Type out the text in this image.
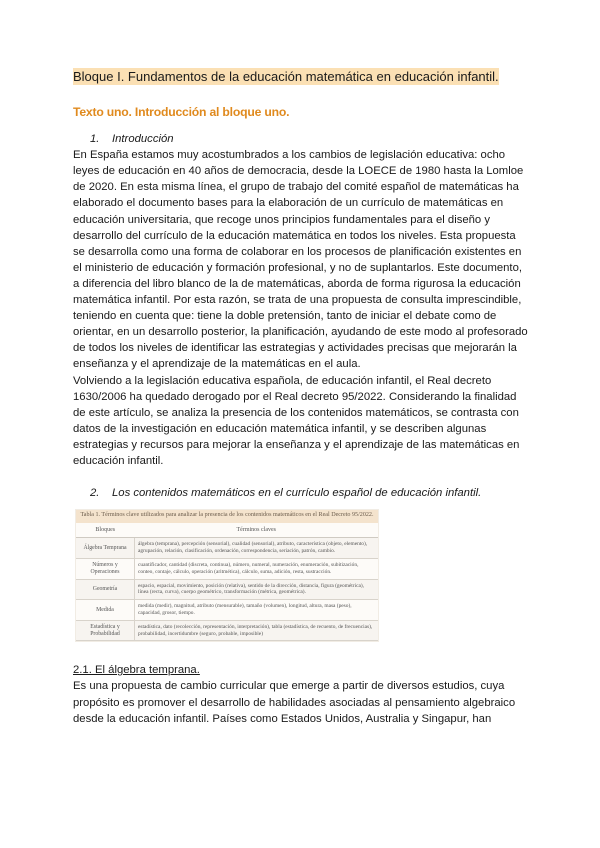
Bloque I. Fundamentos de la educación matemática en educación infantil.
Texto uno. Introducción al bloque uno.
1. Introducción

En España estamos muy acostumbrados a los cambios de legislación educativa: ocho leyes de educación en 40 años de democracia, desde la LOECE de 1980 hasta la Lomloe de 2020. En esta misma línea, el grupo de trabajo del comité español de matemáticas ha elaborado el documento bases para la elaboración de un currículo de matemáticas en educación universitaria, que recoge unos principios fundamentales para el diseño y desarrollo del currículo de la educación matemática en todos los niveles. Esta propuesta se desarrolla como una forma de colaborar en los procesos de planificación existentes en el ministerio de educación y formación profesional, y no de suplantarlos. Este documento, a diferencia del libro blanco de la de matemáticas, aborda de forma rigurosa la educación matemática infantil. Por esta razón, se trata de una propuesta de consulta imprescindible, teniendo en cuenta que: tiene la doble pretensión, tanto de iniciar el debate como de orientar, en un desarrollo posterior, la planificación, ayudando de este modo al profesorado de todos los niveles de identificar las estrategias y actividades precisas que mejorarán la enseñanza y el aprendizaje de la matemáticas en el aula.

Volviendo a la legislación educativa española, de educación infantil, el Real decreto 1630/2006 ha quedado derogado por el Real decreto 95/2022. Considerando la finalidad de este artículo, se analiza la presencia de los contenidos matemáticos, se contrasta con datos de la investigación en educación matemática infantil, y se describen algunas estrategias y recursos para mejorar la enseñanza y el aprendizaje de las matemáticas en educación infantil.

2. Los contenidos matemáticos en el currículo español de educación infantil.
Tabla 1. Términos clave utilizados para analizar la presencia de los contenidos matemáticos en el Real Decreto 95/2022.
Bloques	Términos claves
Álgebra Temprana	álgebra (temprana), percepción (sensorial), cualidad (sensorial), atributo, característica (objeto, elemento), agrupación, relación, clasificación, ordenación, correspondencia, seriación, patrón, cambio.
Números y Operaciones	cuantificador, cantidad (discreta, continua), número, numeral, numeración, enumeración, subitización, conteo, contaje, cálculo, operación (aritmética), cálculo, suma, adición, resta, sustracción.
Geometría	espacio, espacial, movimiento, posición (relativa), sentido de la dirección, distancia, figura (geométrica), línea (recta, curva), cuerpo geométrico, transformación (métrica, geométrica).
Medida	medida (medir), magnitud, atributo (mensurable), tamaño (volumen), longitud, altura, masa (peso), capacidad, grosor, tiempo.
Estadística y Probabilidad	estadística, dato (recolección, representación, interpretación), tabla (estadística, de recuento, de frecuencias), probabilidad, incertidumbre (seguro, probable, imposible)
2.1. El álgebra temprana.

Es una propuesta de cambio curricular que emerge a partir de diversos estudios, cuya propósito es promover el desarrollo de habilidades asociadas al pensamiento algebraico desde la educación infantil. Países como Estados Unidos, Australia y Singapur, han
